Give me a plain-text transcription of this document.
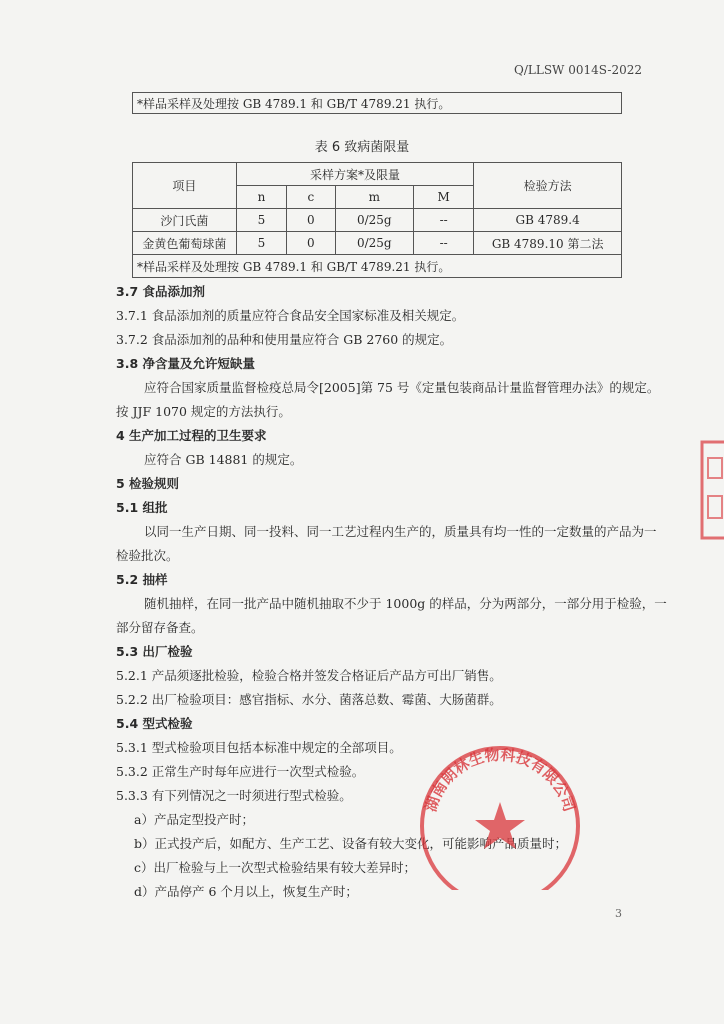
Q/LLSW 0014S-2022
*样品采样及处理按 GB 4789.1 和 GB/T 4789.21 执行。
表 6 致病菌限量
项目	采样方案*及限量				检验方法
	n	c	m	M	
沙门氏菌	5	0	0/25g	--	GB 4789.4
金黄色葡萄球菌	5	0	0/25g	--	GB 4789.10 第二法
*样品采样及处理按 GB 4789.1 和 GB/T 4789.21 执行。					
3.7 食品添加剂
3.7.1 食品添加剂的质量应符合食品安全国家标准及相关规定。
3.7.2 食品添加剂的品种和使用量应符合 GB 2760 的规定。
3.8 净含量及允许短缺量
应符合国家质量监督检疫总局令[2005]第 75 号《定量包装商品计量监督管理办法》的规定。
按 JJF 1070 规定的方法执行。
4 生产加工过程的卫生要求
应符合 GB 14881 的规定。
5 检验规则
5.1 组批
以同一生产日期、同一投料、同一工艺过程内生产的，质量具有均一性的一定数量的产品为一
检验批次。
5.2 抽样
随机抽样，在同一批产品中随机抽取不少于 1000g 的样品，分为两部分，一部分用于检验，一
部分留存备查。
5.3 出厂检验
5.2.1 产品须逐批检验，检验合格并签发合格证后产品方可出厂销售。
5.2.2 出厂检验项目：感官指标、水分、菌落总数、霉菌、大肠菌群。
5.4 型式检验
5.3.1 型式检验项目包括本标准中规定的全部项目。
5.3.2 正常生产时每年应进行一次型式检验。
5.3.3 有下列情况之一时须进行型式检验。
a）产品定型投产时；
b）正式投产后，如配方、生产工艺、设备有较大变化，可能影响产品质量时；
c）出厂检验与上一次型式检验结果有较大差异时；
d）产品停产 6 个月以上，恢复生产时；
湖南朗林生物科技有限公司
3
